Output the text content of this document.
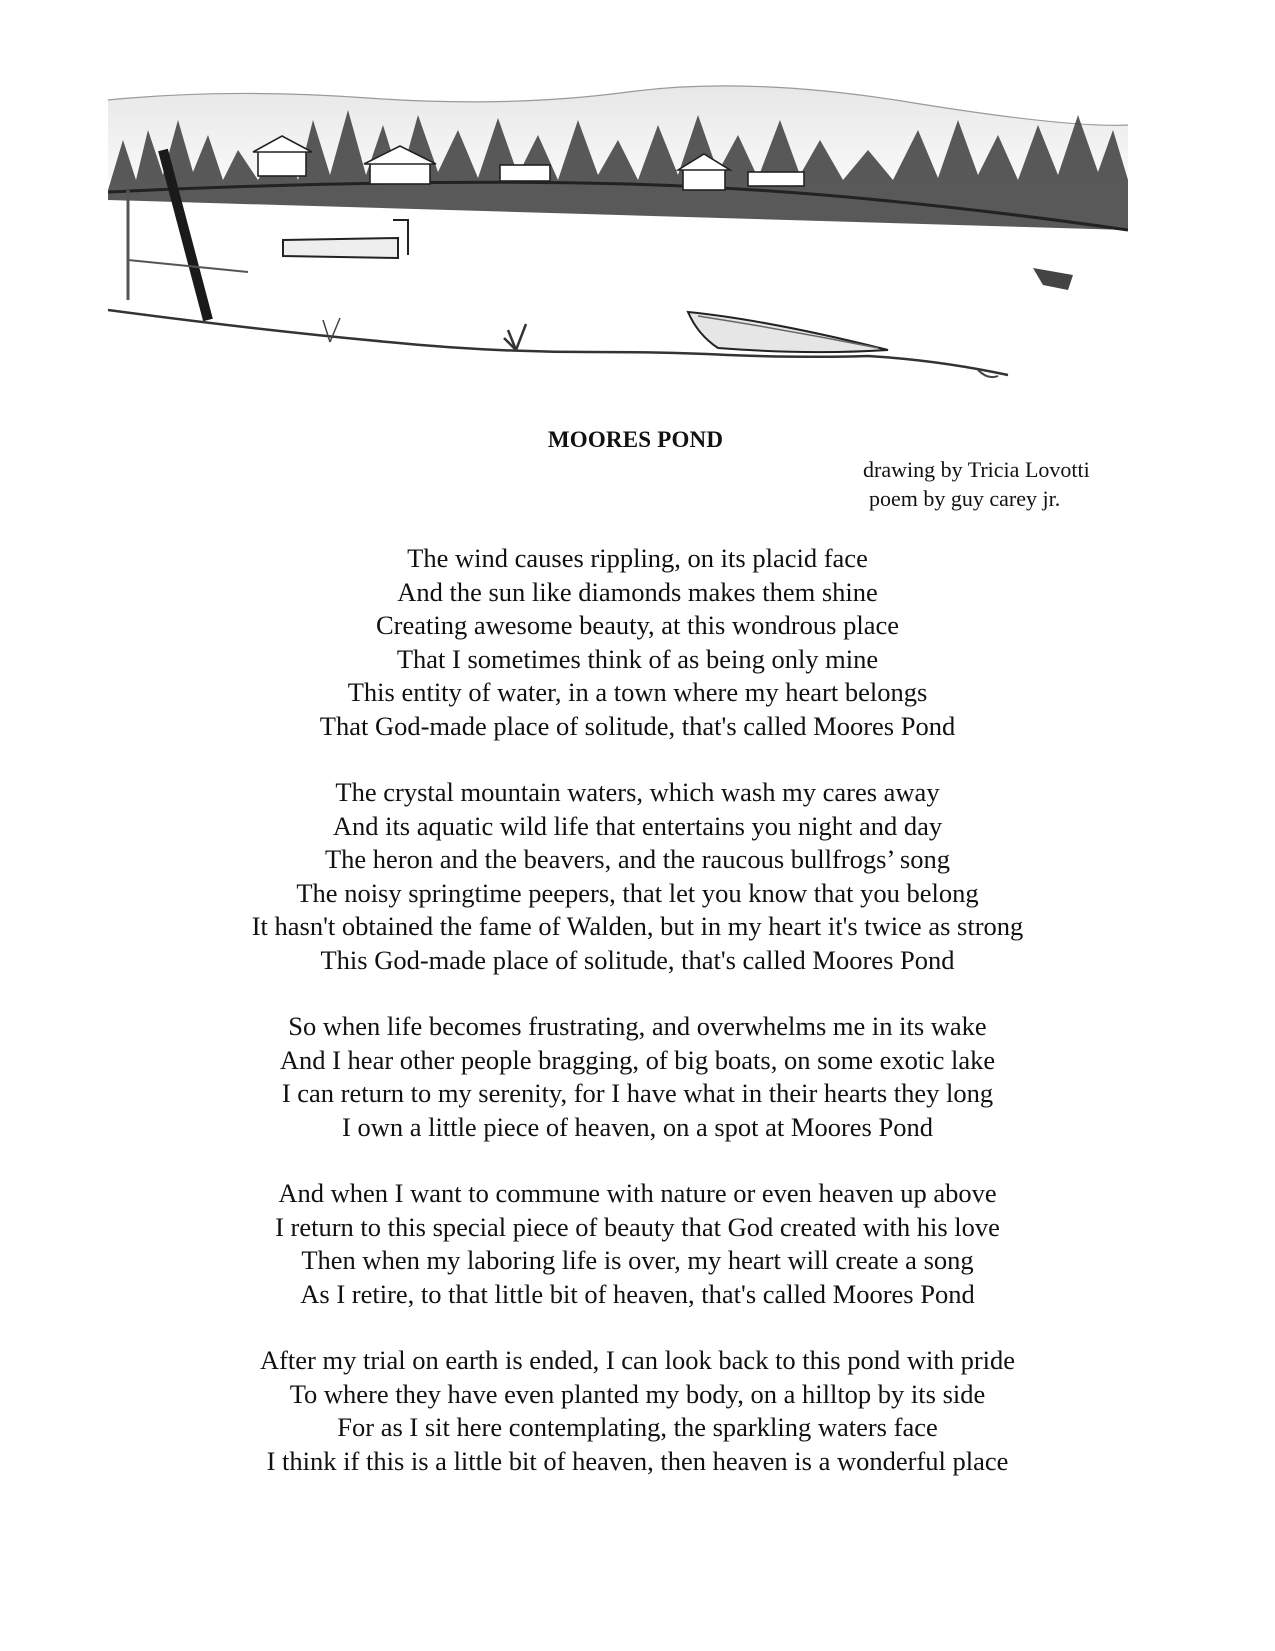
MOORES POND
drawing by Tricia Lovotti
poem by guy carey jr.
The wind causes rippling, on its placid face
And the sun like diamonds makes them shine
Creating awesome beauty, at this wondrous place
That I sometimes think of as being only mine
This entity of water, in a town where my heart belongs
That God-made place of solitude, that's called Moores Pond
The crystal mountain waters, which wash my cares away
And its aquatic wild life that entertains you night and day
The heron and the beavers, and the raucous bullfrogs’ song
The noisy springtime peepers, that let you know that you belong
It hasn't obtained the fame of Walden, but in my heart it's twice as strong
This God-made place of solitude, that's called Moores Pond
So when life becomes frustrating, and overwhelms me in its wake
And I hear other people bragging, of big boats, on some exotic lake
I can return to my serenity, for I have what in their hearts they long
I own a little piece of heaven, on a spot at Moores Pond
And when I want to commune with nature or even heaven up above
I return to this special piece of beauty that God created with his love
Then when my laboring life is over, my heart will create a song
As I retire, to that little bit of heaven, that's called Moores Pond
After my trial on earth is ended, I can look back to this pond with pride
To where they have even planted my body, on a hilltop by its side
For as I sit here contemplating, the sparkling waters face
I think if this is a little bit of heaven, then heaven is a wonderful place
